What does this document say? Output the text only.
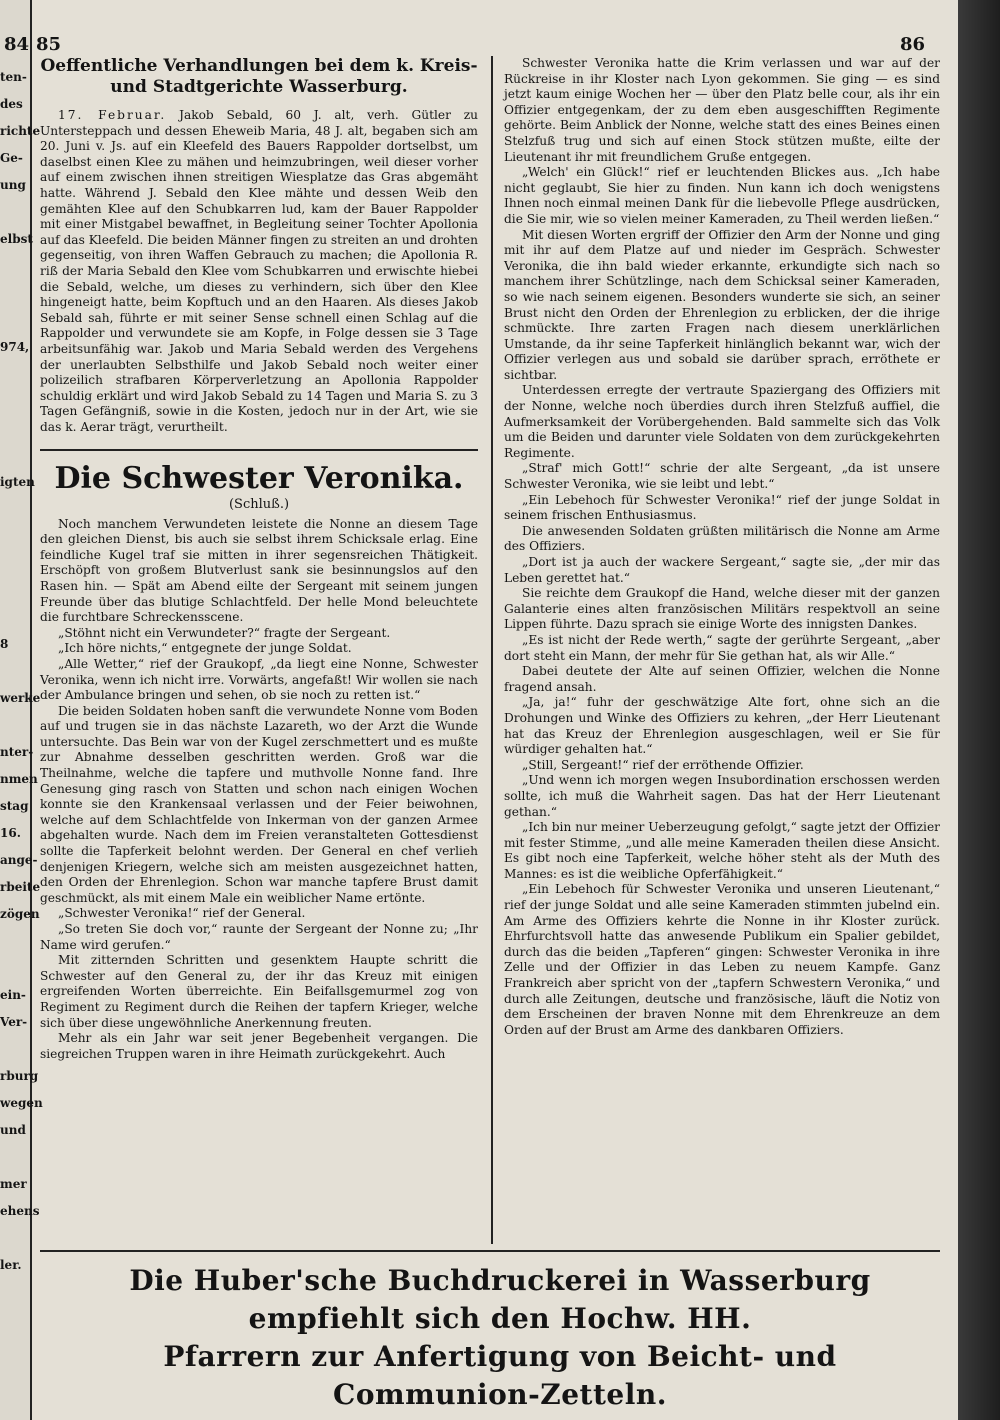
ten-
des
richte
Ge-
ung
elbst
974,
igten
8
werke
nter-
nmen
stag
16.
ange-
rbeite
zögen
ein-
Ver-
rburg
wegen
und
mer
ehens
ler.
84 85	86
Oeffentliche Verhandlungen bei dem k. Kreis- und Stadtgerichte Wasserburg.

17. Februar. Jakob Sebald, 60 J. alt, verh. Gütler zu Untersteppach und dessen Eheweib Maria, 48 J. alt, begaben sich am 20. Juni v. Js. auf ein Kleefeld des Bauers Rappolder dortselbst, um daselbst einen Klee zu mähen und heimzubringen, weil dieser vorher auf einem zwischen ihnen streitigen Wiesplatze das Gras abgemäht hatte. Während J. Sebald den Klee mähte und dessen Weib den gemähten Klee auf den Schubkarren lud, kam der Bauer Rappolder mit einer Mistgabel bewaffnet, in Begleitung seiner Tochter Apollonia auf das Kleefeld. Die beiden Männer fingen zu streiten an und drohten gegenseitig, von ihren Waffen Gebrauch zu machen; die Apollonia R. riß der Maria Sebald den Klee vom Schubkarren und erwischte hiebei die Sebald, welche, um dieses zu verhindern, sich über den Klee hingeneigt hatte, beim Kopftuch und an den Haaren. Als dieses Jakob Sebald sah, führte er mit seiner Sense schnell einen Schlag auf die Rappolder und verwundete sie am Kopfe, in Folge dessen sie 3 Tage arbeitsunfähig war. Jakob und Maria Sebald werden des Vergehens der unerlaubten Selbsthilfe und Jakob Sebald noch weiter einer polizeilich strafbaren Körperverletzung an Apollonia Rappolder schuldig erklärt und wird Jakob Sebald zu 14 Tagen und Maria S. zu 3 Tagen Gefängniß, sowie in die Kosten, jedoch nur in der Art, wie sie das k. Aerar trägt, verurtheilt.

Die Schwester Veronika.
(Schluß.)

Noch manchem Verwundeten leistete die Nonne an diesem Tage den gleichen Dienst, bis auch sie selbst ihrem Schicksale erlag. Eine feindliche Kugel traf sie mitten in ihrer segensreichen Thätigkeit. Erschöpft von großem Blutverlust sank sie besinnungslos auf den Rasen hin. — Spät am Abend eilte der Sergeant mit seinem jungen Freunde über das blutige Schlachtfeld. Der helle Mond beleuchtete die furchtbare Schreckensscene.

„Stöhnt nicht ein Verwundeter?“ fragte der Sergeant.

„Ich höre nichts,“ entgegnete der junge Soldat.

„Alle Wetter,“ rief der Graukopf, „da liegt eine Nonne, Schwester Veronika, wenn ich nicht irre. Vorwärts, angefaßt! Wir wollen sie nach der Ambulance bringen und sehen, ob sie noch zu retten ist.“

Die beiden Soldaten hoben sanft die verwundete Nonne vom Boden auf und trugen sie in das nächste Lazareth, wo der Arzt die Wunde untersuchte. Das Bein war von der Kugel zerschmettert und es mußte zur Abnahme desselben geschritten werden. Groß war die Theilnahme, welche die tapfere und muthvolle Nonne fand. Ihre Genesung ging rasch von Statten und schon nach einigen Wochen konnte sie den Krankensaal verlassen und der Feier beiwohnen, welche auf dem Schlachtfelde von Inkerman von der ganzen Armee abgehalten wurde. Nach dem im Freien veranstalteten Gottesdienst sollte die Tapferkeit belohnt werden. Der General en chef verlieh denjenigen Kriegern, welche sich am meisten ausgezeichnet hatten, den Orden der Ehrenlegion. Schon war manche tapfere Brust damit geschmückt, als mit einem Male ein weiblicher Name ertönte.

„Schwester Veronika!“ rief der General.

„So treten Sie doch vor,“ raunte der Sergeant der Nonne zu; „Ihr Name wird gerufen.“

Mit zitternden Schritten und gesenktem Haupte schritt die Schwester auf den General zu, der ihr das Kreuz mit einigen ergreifenden Worten überreichte. Ein Beifallsgemurmel zog von Regiment zu Regiment durch die Reihen der tapfern Krieger, welche sich über diese ungewöhnliche Anerkennung freuten.

Mehr als ein Jahr war seit jener Begebenheit vergangen. Die siegreichen Truppen waren in ihre Heimath zurückgekehrt. Auch

Schwester Veronika hatte die Krim verlassen und war auf der Rückreise in ihr Kloster nach Lyon gekommen. Sie ging — es sind jetzt kaum einige Wochen her — über den Platz belle cour, als ihr ein Offizier entgegenkam, der zu dem eben ausgeschifften Regimente gehörte. Beim Anblick der Nonne, welche statt des eines Beines einen Stelzfuß trug und sich auf einen Stock stützen mußte, eilte der Lieutenant ihr mit freundlichem Gruße entgegen.

„Welch' ein Glück!“ rief er leuchtenden Blickes aus. „Ich habe nicht geglaubt, Sie hier zu finden. Nun kann ich doch wenigstens Ihnen noch einmal meinen Dank für die liebevolle Pflege ausdrücken, die Sie mir, wie so vielen meiner Kameraden, zu Theil werden ließen.“

Mit diesen Worten ergriff der Offizier den Arm der Nonne und ging mit ihr auf dem Platze auf und nieder im Gespräch. Schwester Veronika, die ihn bald wieder erkannte, erkundigte sich nach so manchem ihrer Schützlinge, nach dem Schicksal seiner Kameraden, so wie nach seinem eigenen. Besonders wunderte sie sich, an seiner Brust nicht den Orden der Ehrenlegion zu erblicken, der die ihrige schmückte. Ihre zarten Fragen nach diesem unerklärlichen Umstande, da ihr seine Tapferkeit hinlänglich bekannt war, wich der Offizier verlegen aus und sobald sie darüber sprach, erröthete er sichtbar.

Unterdessen erregte der vertraute Spaziergang des Offiziers mit der Nonne, welche noch überdies durch ihren Stelzfuß auffiel, die Aufmerksamkeit der Vorübergehenden. Bald sammelte sich das Volk um die Beiden und darunter viele Soldaten von dem zurückgekehrten Regimente.

„Straf' mich Gott!“ schrie der alte Sergeant, „da ist unsere Schwester Veronika, wie sie leibt und lebt.“

„Ein Lebehoch für Schwester Veronika!“ rief der junge Soldat in seinem frischen Enthusiasmus.

Die anwesenden Soldaten grüßten militärisch die Nonne am Arme des Offiziers.

„Dort ist ja auch der wackere Sergeant,“ sagte sie, „der mir das Leben gerettet hat.“

Sie reichte dem Graukopf die Hand, welche dieser mit der ganzen Galanterie eines alten französischen Militärs respektvoll an seine Lippen führte. Dazu sprach sie einige Worte des innigsten Dankes.

„Es ist nicht der Rede werth,“ sagte der gerührte Sergeant, „aber dort steht ein Mann, der mehr für Sie gethan hat, als wir Alle.“

Dabei deutete der Alte auf seinen Offizier, welchen die Nonne fragend ansah.

„Ja, ja!“ fuhr der geschwätzige Alte fort, ohne sich an die Drohungen und Winke des Offiziers zu kehren, „der Herr Lieutenant hat das Kreuz der Ehrenlegion ausgeschlagen, weil er Sie für würdiger gehalten hat.“

„Still, Sergeant!“ rief der erröthende Offizier.

„Und wenn ich morgen wegen Insubordination erschossen werden sollte, ich muß die Wahrheit sagen. Das hat der Herr Lieutenant gethan.“

„Ich bin nur meiner Ueberzeugung gefolgt,“ sagte jetzt der Offizier mit fester Stimme, „und alle meine Kameraden theilen diese Ansicht. Es gibt noch eine Tapferkeit, welche höher steht als der Muth des Mannes: es ist die weibliche Opferfähigkeit.“

„Ein Lebehoch für Schwester Veronika und unseren Lieutenant,“ rief der junge Soldat und alle seine Kameraden stimmten jubelnd ein. Am Arme des Offiziers kehrte die Nonne in ihr Kloster zurück. Ehrfurchtsvoll hatte das anwesende Publikum ein Spalier gebildet, durch das die beiden „Tapferen“ gingen: Schwester Veronika in ihre Zelle und der Offizier in das Leben zu neuem Kampfe. Ganz Frankreich aber spricht von der „tapfern Schwestern Veronika,“ und durch alle Zeitungen, deutsche und französische, läuft die Notiz von dem Erscheinen der braven Nonne mit dem Ehrenkreuze an dem Orden auf der Brust am Arme des dankbaren Offiziers.

Die Huber'sche Buchdruckerei in Wasserburg empfiehlt sich den Hochw. HH.
Pfarrern zur Anfertigung von Beicht- und Communion-Zetteln.
